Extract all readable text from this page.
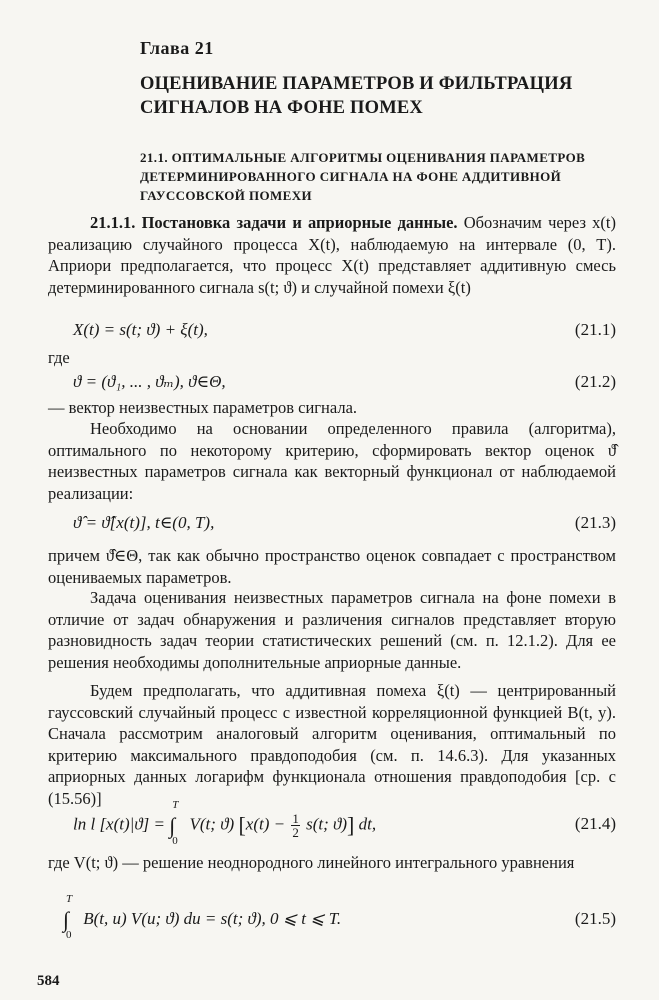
Глава 21
ОЦЕНИВАНИЕ ПАРАМЕТРОВ И ФИЛЬТРАЦИЯ СИГНАЛОВ НА ФОНЕ ПОМЕХ
21.1. ОПТИМАЛЬНЫЕ АЛГОРИТМЫ ОЦЕНИВАНИЯ ПАРАМЕТРОВ ДЕТЕРМИНИРОВАННОГО СИГНАЛА НА ФОНЕ АДДИТИВНОЙ ГАУССОВСКОЙ ПОМЕХИ
21.1.1. Постановка задачи и априорные данные. Обозначим через x(t) реализацию случайного процесса X(t), наблюдаемую на интервале (0, T). Априори предполагается, что процесс X(t) представляет аддитивную смесь детерминированного сигнала s(t; ϑ) и случайной помехи ξ(t)
X(t) = s(t; ϑ) + ξ(t),	(21.1)
где
ϑ = (ϑ₁, ... , ϑₘ), ϑ∈Θ,	(21.2)
— вектор неизвестных параметров сигнала.
Необходимо на основании определенного правила (алгоритма), оптимального по некоторому критерию, сформировать вектор оценок ϑ̂ неизвестных параметров сигнала как векторный функционал от наблюдаемой реализации:
ϑ̂ = ϑ̂[x(t)], t∈(0, T),	(21.3)
причем ϑ̂∈Θ, так как обычно пространство оценок совпадает с пространством оцениваемых параметров.
Задача оценивания неизвестных параметров сигнала на фоне помехи в отличие от задач обнаружения и различения сигналов представляет вторую разновидность задач теории статистических решений (см. п. 12.1.2). Для ее решения необходимы дополнительные априорные данные.
Будем предполагать, что аддитивная помеха ξ(t) — центрированный гауссовский случайный процесс с известной корреляционной функцией B(t, y). Сначала рассмотрим аналоговый алгоритм оценивания, оптимальный по критерию максимального правдоподобия (см. п. 14.6.3). Для указанных априорных данных логарифм функционала отношения правдоподобия [ср. с (15.56)]
ln l [x(t)|ϑ] = ∫
T
0
V(t; ϑ) [$x(t) - \frac{1}{2} s(t$; ϑ)] dt,	(21.4)
где V(t; ϑ) — решение неоднородного линейного интегрального уравнения
∫
T
0
B(t, u) V(u; ϑ) du = s(t; ϑ), 0 ⩽ t ⩽ T.	(21.5)
584
